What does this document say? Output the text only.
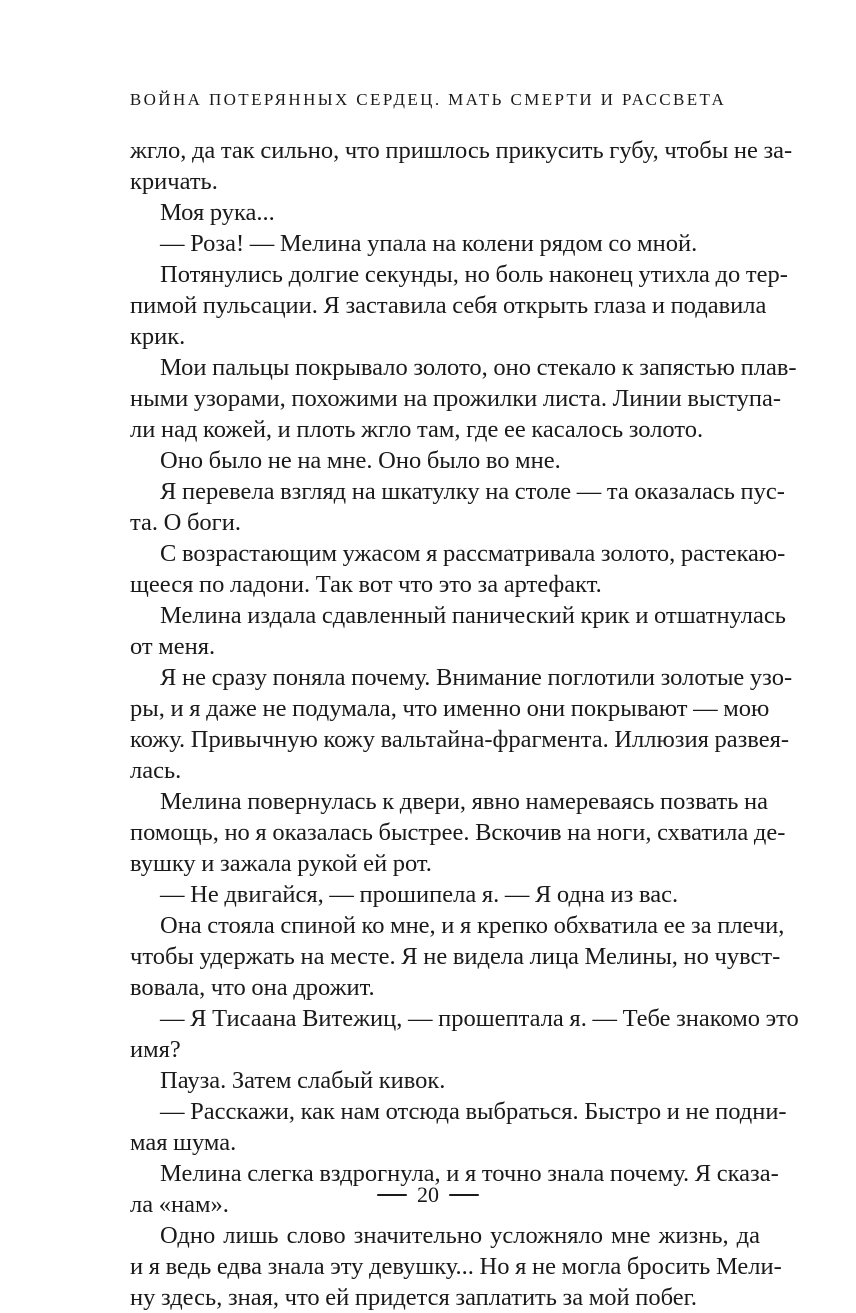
ВОЙНА ПОТЕРЯННЫХ СЕРДЕЦ. МАТЬ СМЕРТИ И РАССВЕТА
жгло, да так сильно, что пришлось прикусить губу, чтобы не за-
кричать.
Моя рука...
— Роза! — Мелина упала на колени рядом со мной.
Потянулись долгие секунды, но боль наконец утихла до тер-
пимой пульсации. Я заставила себя открыть глаза и подавила
крик.
Мои пальцы покрывало золото, оно стекало к запястью плав-
ными узорами, похожими на прожилки листа. Линии выступа-
ли над кожей, и плоть жгло там, где ее касалось золото.
Оно было не на мне. Оно было во мне.
Я перевела взгляд на шкатулку на столе — та оказалась пус-
та. О боги.
С возрастающим ужасом я рассматривала золото, растекаю-
щееся по ладони. Так вот что это за артефакт.
Мелина издала сдавленный панический крик и отшатнулась
от меня.
Я не сразу поняла почему. Внимание поглотили золотые узо-
ры, и я даже не подумала, что именно они покрывают — мою
кожу. Привычную кожу вальтайна-фрагмента. Иллюзия развея-
лась.
Мелина повернулась к двери, явно намереваясь позвать на
помощь, но я оказалась быстрее. Вскочив на ноги, схватила де-
вушку и зажала рукой ей рот.
— Не двигайся, — прошипела я. — Я одна из вас.
Она стояла спиной ко мне, и я крепко обхватила ее за плечи,
чтобы удержать на месте. Я не видела лица Мелины, но чувст-
вовала, что она дрожит.
— Я Тисаана Витежиц, — прошептала я. — Тебе знакомо это
имя?
Пауза. Затем слабый кивок.
— Расскажи, как нам отсюда выбраться. Быстро и не подни-
мая шума.
Мелина слегка вздрогнула, и я точно знала почему. Я сказа-
ла «нам».
Одно лишь слово значительно усложняло мне жизнь, да
и я ведь едва знала эту девушку... Но я не могла бросить Мели-
ну здесь, зная, что ей придется заплатить за мой побег.
20
